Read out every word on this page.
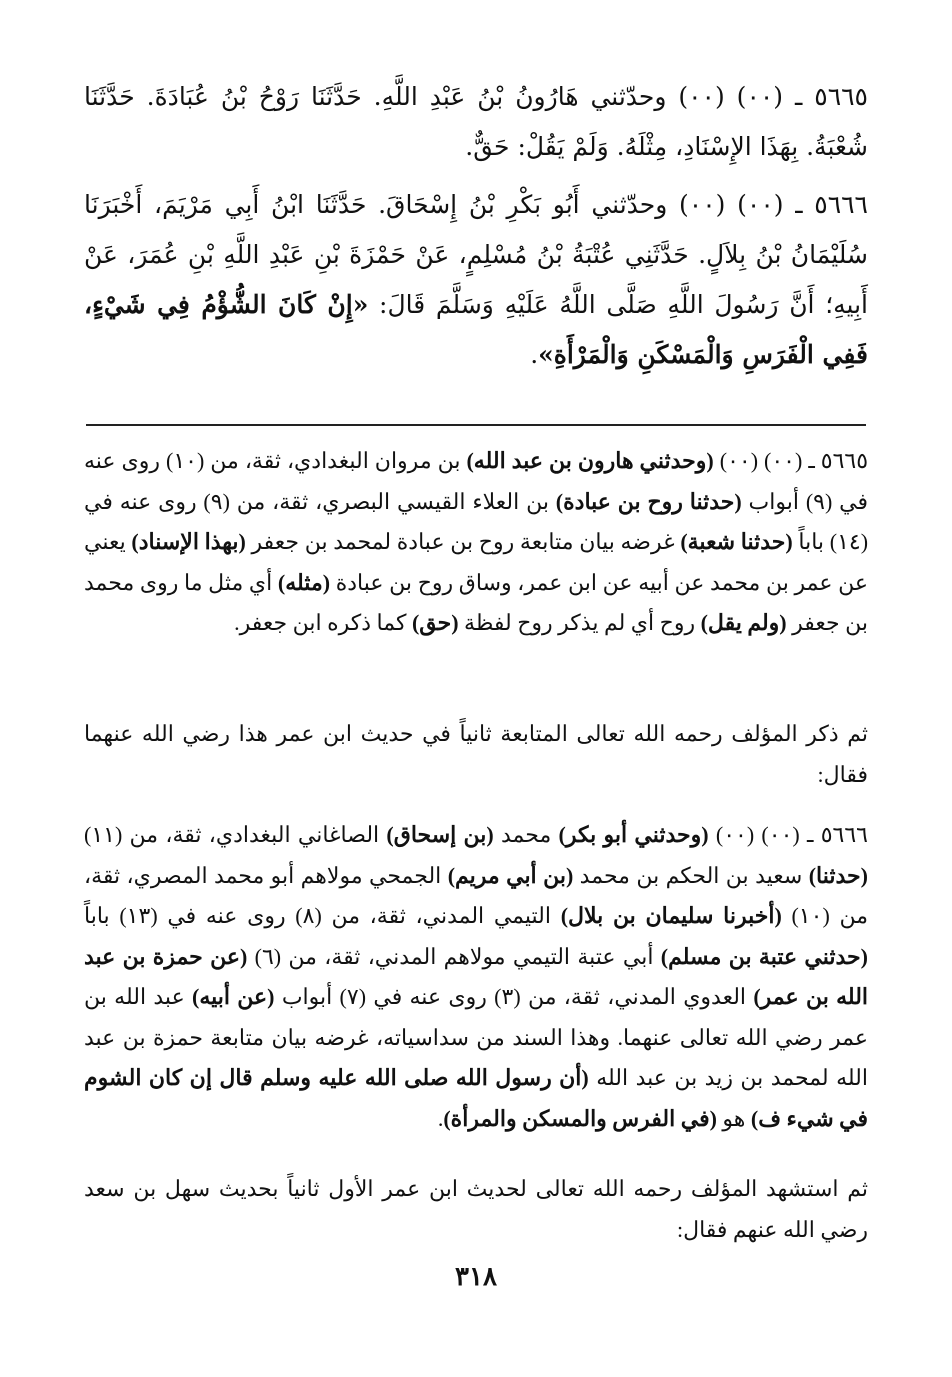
٥٦٦٥ ـ (٠٠) (٠٠) وحدّثني هَارُونُ بْنُ عَبْدِ اللَّهِ. حَدَّثَنَا رَوْحُ بْنُ عُبَادَةَ. حَدَّثَنَا شُعْبَةُ. بِهَذَا الإِسْنَادِ، مِثْلَهُ. وَلَمْ يَقُلْ: حَقٌّ.

٥٦٦٦ ـ (٠٠) (٠٠) وحدّثني أَبُو بَكْرِ بْنُ إِسْحَاقَ. حَدَّثَنَا ابْنُ أَبِي مَرْيَمَ، أَخْبَرَنَا سُلَيْمَانُ بْنُ بِلاَلٍ. حَدَّثَنِي عُتْبَةُ بْنُ مُسْلِمٍ، عَنْ حَمْزَةَ بْنِ عَبْدِ اللَّهِ بْنِ عُمَرَ، عَنْ أَبِيهِ؛ أَنَّ رَسُولَ اللَّهِ صَلَّى اللَّهُ عَلَيْهِ وَسَلَّمَ قَالَ: «إِنْ كَانَ الشُّؤْمُ فِي شَيْءٍ، فَفِي الْفَرَسِ وَالْمَسْكَنِ وَالْمَرْأَةِ».

٥٦٦٥ ـ (٠٠) (٠٠) (وحدثني هارون بن عبد الله) بن مروان البغدادي، ثقة، من (١٠) روى عنه في (٩) أبواب (حدثنا روح بن عبادة) بن العلاء القيسي البصري، ثقة، من (٩) روى عنه في (١٤) باباً (حدثنا شعبة) غرضه بيان متابعة روح بن عبادة لمحمد بن جعفر (بهذا الإسناد) يعني عن عمر بن محمد عن أبيه عن ابن عمر، وساق روح بن عبادة (مثله) أي مثل ما روى محمد بن جعفر (ولم يقل) روح أي لم يذكر روح لفظة (حق) كما ذكره ابن جعفر.

ثم ذكر المؤلف رحمه الله تعالى المتابعة ثانياً في حديث ابن عمر هذا رضي الله عنهما فقال:

٥٦٦٦ ـ (٠٠) (٠٠) (وحدثني أبو بكر) محمد (بن إسحاق) الصاغاني البغدادي، ثقة، من (١١) (حدثنا) سعيد بن الحكم بن محمد (بن أبي مريم) الجمحي مولاهم أبو محمد المصري، ثقة، من (١٠) (أخبرنا سليمان بن بلال) التيمي المدني، ثقة، من (٨) روى عنه في (١٣) باباً (حدثني عتبة بن مسلم) أبي عتبة التيمي مولاهم المدني، ثقة، من (٦) (عن حمزة بن عبد الله بن عمر) العدوي المدني، ثقة، من (٣) روى عنه في (٧) أبواب (عن أبيه) عبد الله بن عمر رضي الله تعالى عنهما. وهذا السند من سداسياته، غرضه بيان متابعة حمزة بن عبد الله لمحمد بن زيد بن عبد الله (أن رسول الله صلى الله عليه وسلم قال إن كان الشوم في شيء ف) هو (في الفرس والمسكن والمرأة).

ثم استشهد المؤلف رحمه الله تعالى لحديث ابن عمر الأول ثانياً بحديث سهل بن سعد رضي الله عنهم فقال:

٣١٨
